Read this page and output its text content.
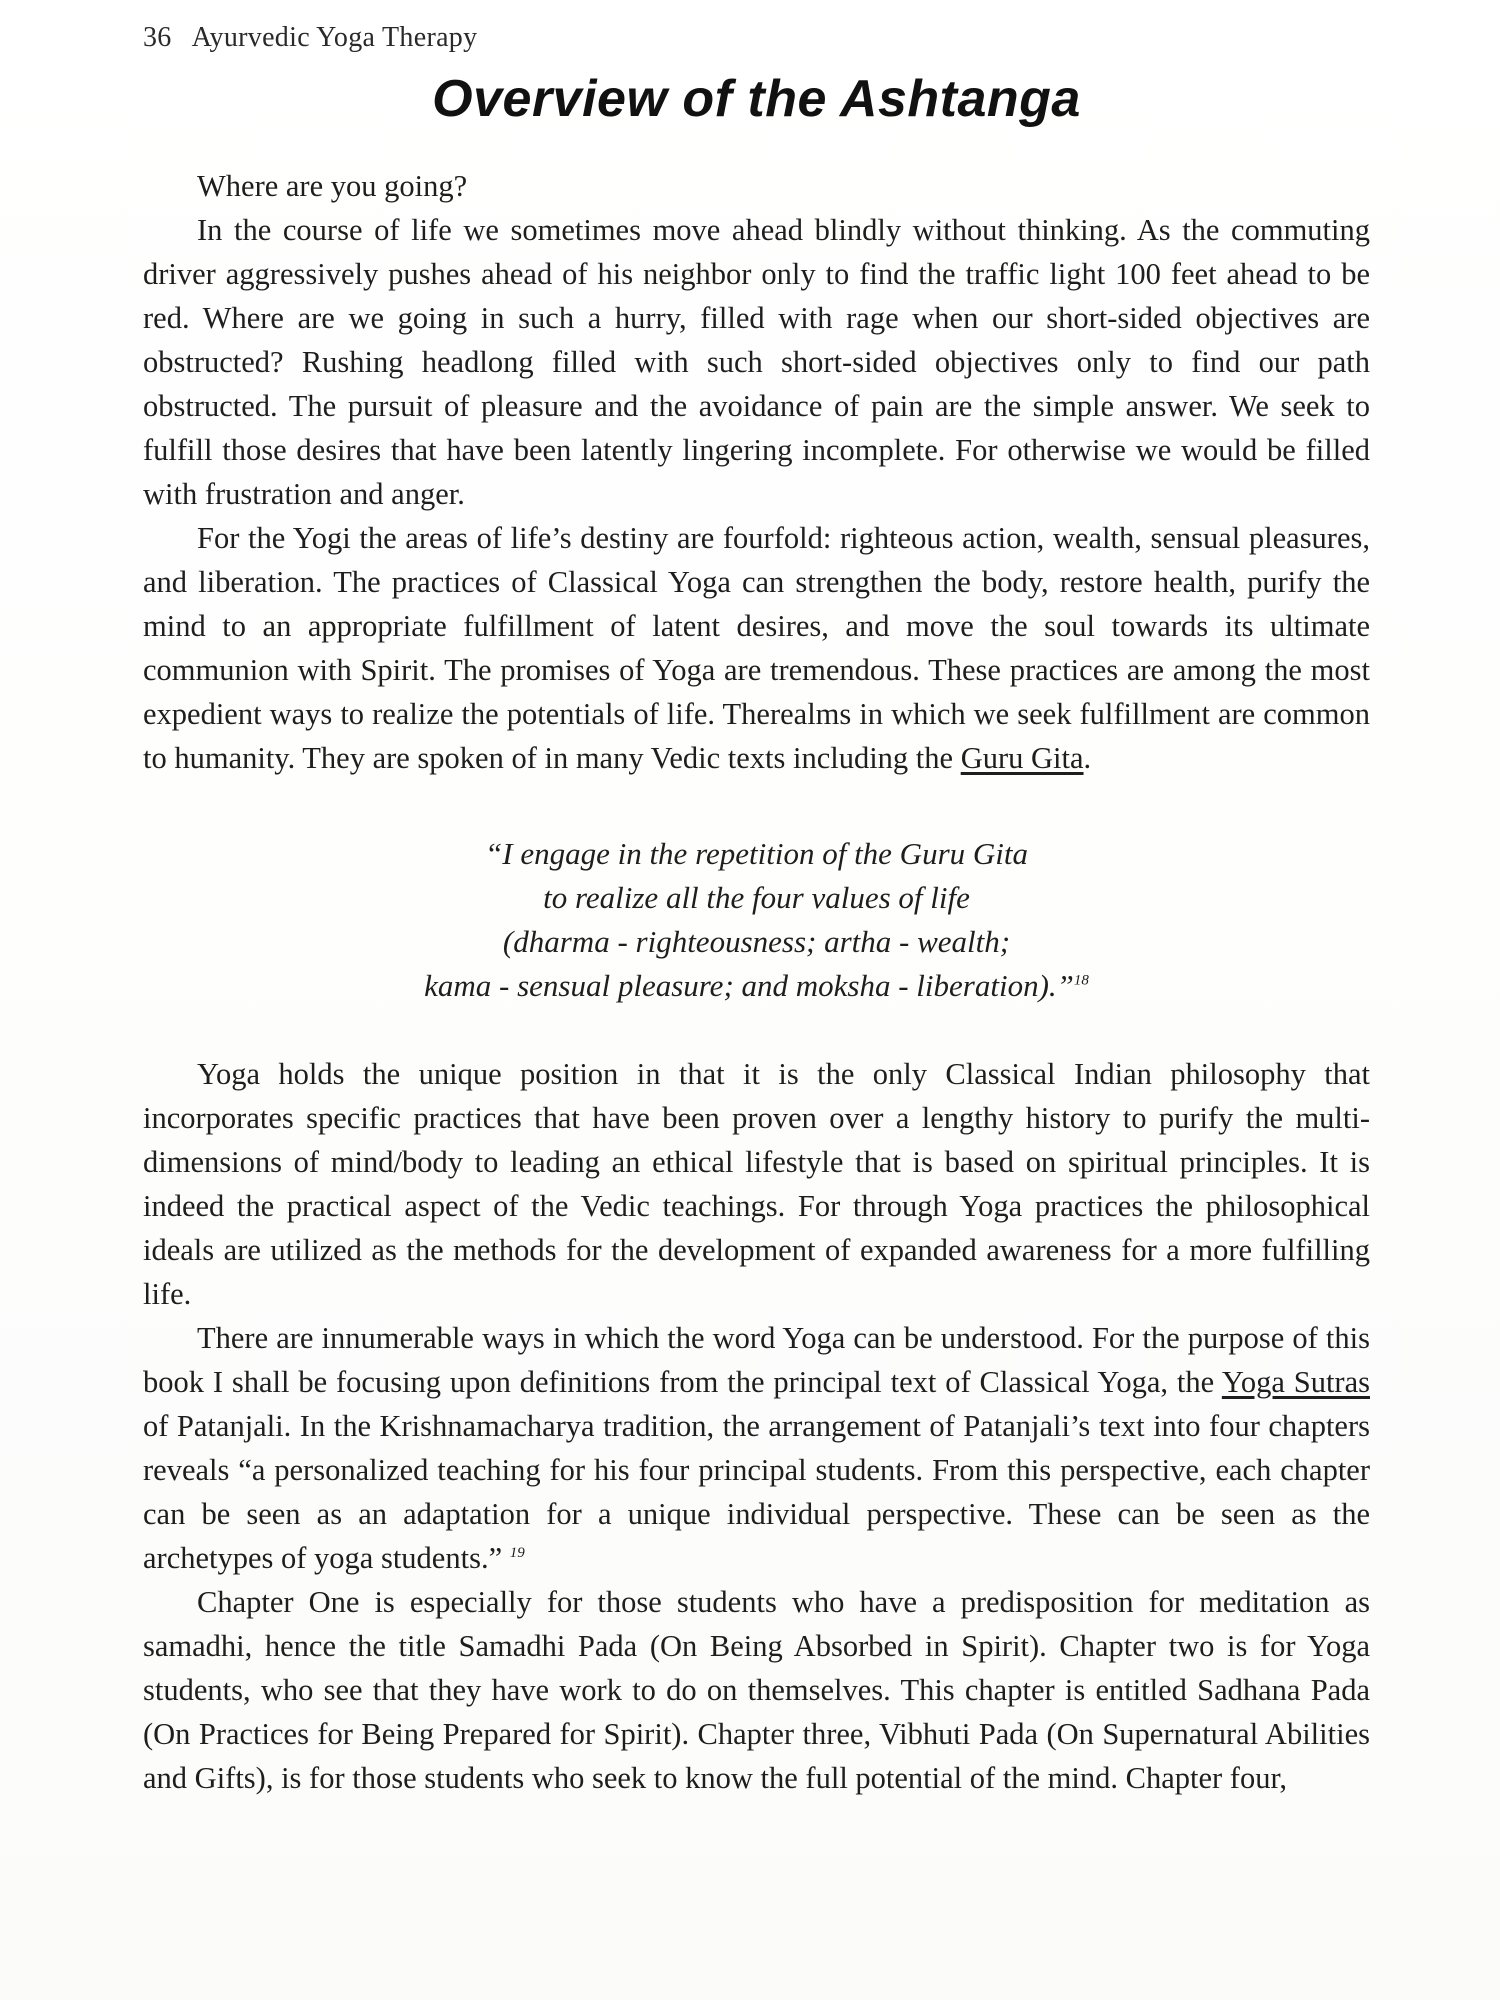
36 Ayurvedic Yoga Therapy
Overview of the Ashtanga

Where are you going?

In the course of life we sometimes move ahead blindly without thinking. As the commuting driver aggressively pushes ahead of his neighbor only to find the traffic light 100 feet ahead to be red. Where are we going in such a hurry, filled with rage when our short-sided objectives are obstructed? Rushing headlong filled with such short-sided objectives only to find our path obstructed. The pursuit of pleasure and the avoidance of pain are the simple answer. We seek to fulfill those desires that have been latently lingering incomplete. For otherwise we would be filled with frustration and anger.

For the Yogi the areas of life’s destiny are fourfold: righteous action, wealth, sensual pleasures, and liberation. The practices of Classical Yoga can strengthen the body, restore health, purify the mind to an appropriate fulfillment of latent desires, and move the soul towards its ultimate communion with Spirit. The promises of Yoga are tremendous. These practices are among the most expedient ways to realize the potentials of life. Therealms in which we seek fulfillment are common to humanity. They are spoken of in many Vedic texts including the Guru Gita.

“I engage in the repetition of the Guru Gita
to realize all the four values of life
(dharma - righteousness; artha - wealth;
kama - sensual pleasure; and moksha - liberation).”$^{18}$

Yoga holds the unique position in that it is the only Classical Indian philosophy that incorporates specific practices that have been proven over a lengthy history to purify the multi-dimensions of mind/body to leading an ethical lifestyle that is based on spiritual principles. It is indeed the practical aspect of the Vedic teachings. For through Yoga practices the philosophical ideals are utilized as the methods for the development of expanded awareness for a more fulfilling life.

There are innumerable ways in which the word Yoga can be understood. For the purpose of this book I shall be focusing upon definitions from the principal text of Classical Yoga, the Yoga Sutras of Patanjali. In the Krishnamacharya tradition, the arrangement of Patanjali’s text into four chapters reveals “a personalized teaching for his four principal students. From this perspective, each chapter can be seen as an adaptation for a unique individual perspective. These can be seen as the archetypes of yoga students.” $^{19}$

Chapter One is especially for those students who have a predisposition for meditation as samadhi, hence the title Samadhi Pada (On Being Absorbed in Spirit). Chapter two is for Yoga students, who see that they have work to do on themselves. This chapter is entitled Sadhana Pada (On Practices for Being Prepared for Spirit). Chapter three, Vibhuti Pada (On Supernatural Abilities and Gifts), is for those students who seek to know the full potential of the mind. Chapter four,
